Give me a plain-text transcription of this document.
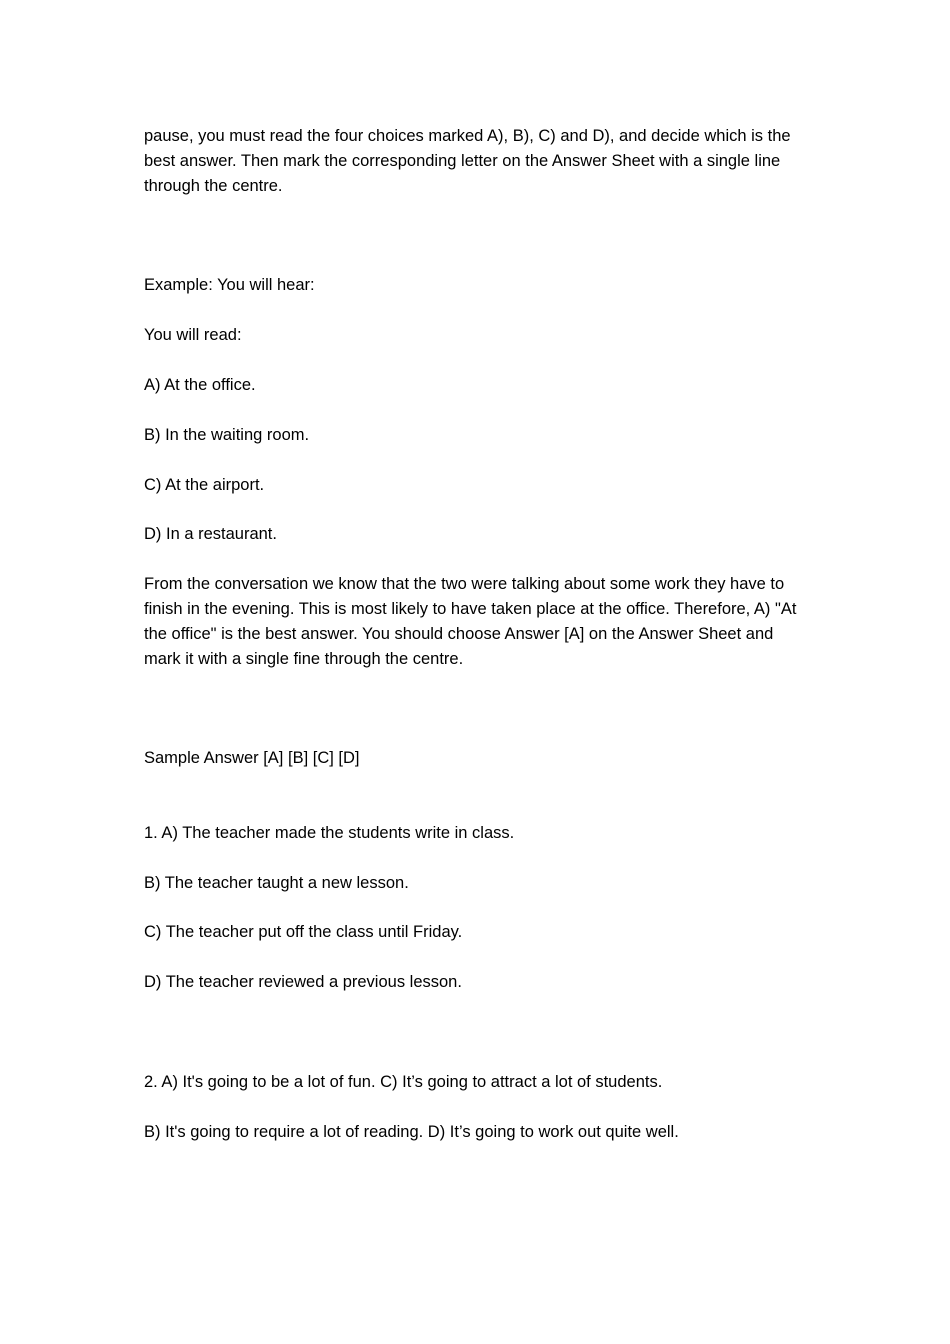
pause, you must read the four choices marked A), B), C) and D), and decide which is the best answer. Then mark the corresponding letter on the Answer Sheet with a single line through the centre.

Example: You will hear:

You will read:

A) At the office.

B) In the waiting room.

C) At the airport.

D) In a restaurant.

From the conversation we know that the two were talking about some work they have to finish in the evening. This is most likely to have taken place at the office. Therefore, A) "At the office" is the best answer. You should choose Answer [A] on the Answer Sheet and mark it with a single fine through the centre.

Sample Answer [A] [B] [C] [D]

1. A) The teacher made the students write in class.

B) The teacher taught a new lesson.

C) The teacher put off the class until Friday.

D) The teacher reviewed a previous lesson.

2. A) It's going to be a lot of fun. C) It’s going to attract a lot of students.

B) It's going to require a lot of reading. D) It’s going to work out quite well.
